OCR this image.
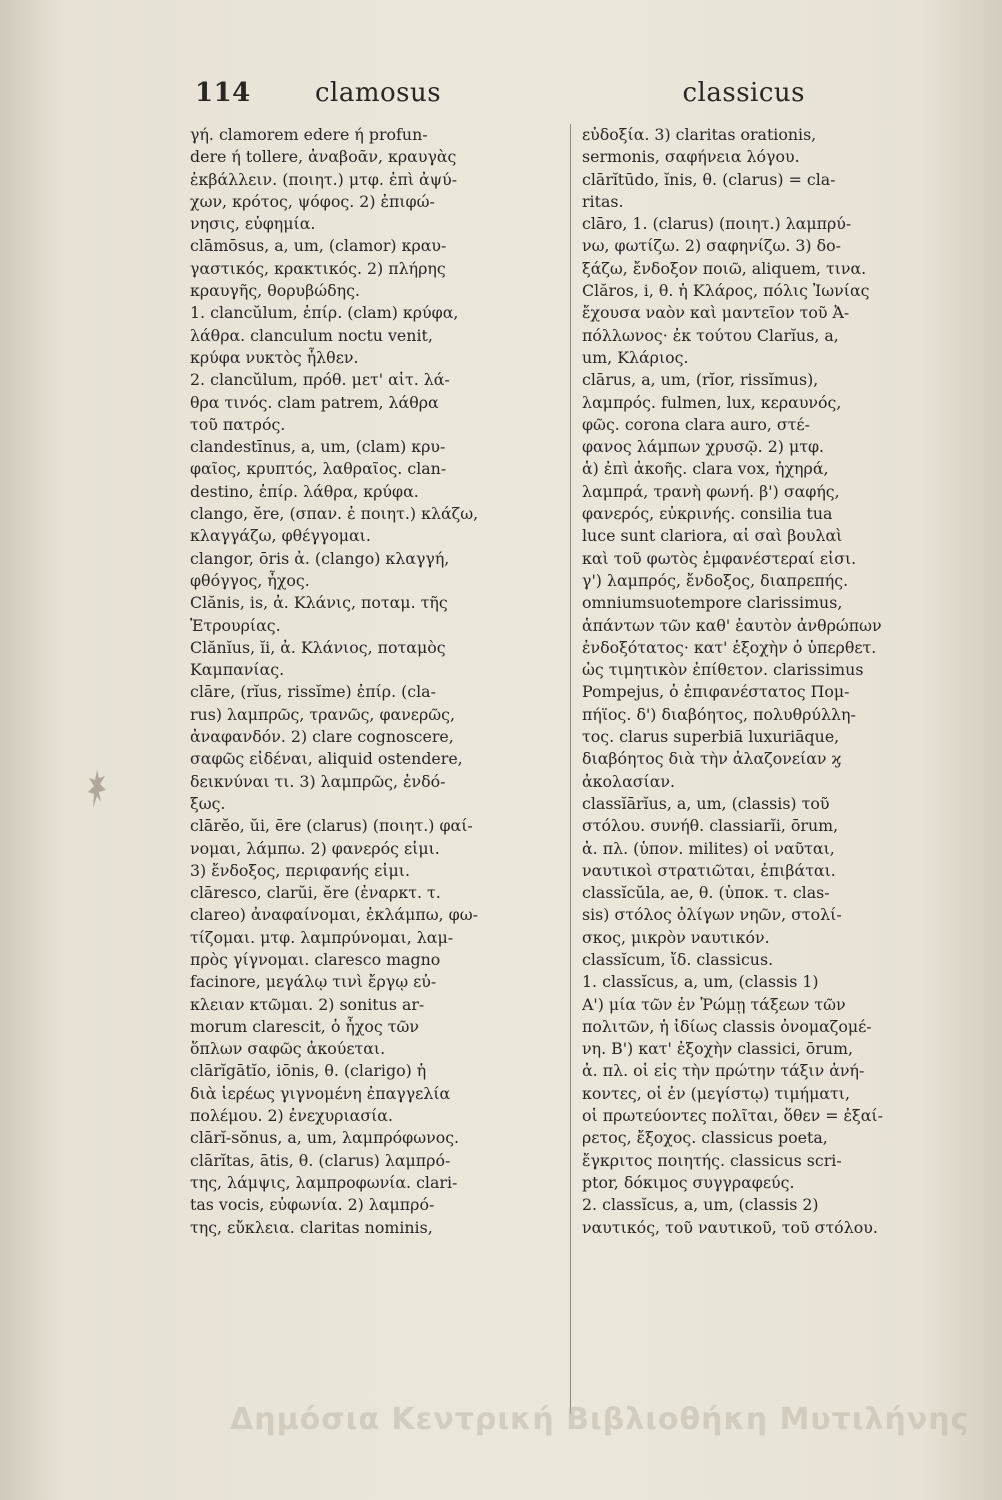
114 clamosus	classicus

γή. clamorem edere ή profun-
dere ή tollere, ἀναβοᾶν, κραυγὰς
ἐκβάλλειν. (ποιητ.) μτφ. ἐπὶ ἀψύ-
χων, κρότος, ψόφος. 2) ἐπιφώ-
νησις, εὐφημία.

clāmōsus, a, um, (clamor) κραυ-
γαστικός, κρακτικός. 2) πλήρης
κραυγῆς, θορυβώδης.

1. clancŭlum, ἐπίρ. (clam) κρύφα,
λάθρα. clanculum noctu venit,
κρύφα νυκτὸς ἦλθεν.

2. clancŭlum, πρόθ. μετ' αἰτ. λά-
θρα τινός. clam patrem, λάθρα
τοῦ πατρός.

clandestīnus, a, um, (clam) κρυ-
φαῖος, κρυπτός, λαθραῖος. clan-
destino, ἐπίρ. λάθρα, κρύφα.

clango, ĕre, (σπαν. ἐ ποιητ.) κλάζω,
κλαγγάζω, φθέγγομαι.

clangor, ōris ἀ. (clango) κλαγγή,
φθόγγος, ἦχος.

Clănis, is, ἀ. Κλάνις, ποταμ. τῆς
Ἐτρουρίας.

Clănĭus, ĭi, ἀ. Κλάνιος, ποταμὸς
Καμπανίας.

clāre, (rĭus, rissĭme) ἐπίρ. (cla-
rus) λαμπρῶς, τρανῶς, φανερῶς,
ἀναφανδόν. 2) clare cognoscere,
σαφῶς εἰδέναι, aliquid ostendere,
δεικνύναι τι. 3) λαμπρῶς, ἐνδό-
ξως.

clārĕo, ŭi, ēre (clarus) (ποιητ.) φαί-
νομαι, λάμπω. 2) φανερός εἰμι.
3) ἔνδοξος, περιφανής εἰμι.

clāresco, clarŭi, ĕre (ἐναρκτ. τ.
clareo) ἀναφαίνομαι, ἐκλάμπω, φω-
τίζομαι. μτφ. λαμπρύνομαι, λαμ-
πρὸς γίγνομαι. claresco magno
facinore, μεγάλῳ τινὶ ἔργῳ εὐ-
κλειαν κτῶμαι. 2) sonitus ar-
morum clarescit, ὁ ἦχος τῶν
ὅπλων σαφῶς ἀκούεται.

clārĭgātĭo, iōnis, θ. (clarigo) ἡ
διὰ ἱερέως γιγνομένη ἐπαγγελία
πολέμου. 2) ἐνεχυριασία.

clārĭ-sŏnus, a, um, λαμπρόφωνος.

clārĭtas, ātis, θ. (clarus) λαμπρό-
της, λάμψις, λαμπροφωνία. clari-
tas vocis, εὐφωνία. 2) λαμπρό-
της, εὔκλεια. claritas nominis,

εὐδοξία. 3) claritas orationis,
sermonis, σαφήνεια λόγου.

clārĭtūdo, ĭnis, θ. (clarus) = cla-
ritas.

clāro, 1. (clarus) (ποιητ.) λαμπρύ-
νω, φωτίζω. 2) σαφηνίζω. 3) δο-
ξάζω, ἔνδοξον ποιῶ, aliquem, τινα.

Clăros, i, θ. ἡ Κλάρος, πόλις Ἰωνίας
ἔχουσα ναὸν καὶ μαντεῖον τοῦ Ἀ-
πόλλωνος· ἐκ τούτου Clarĭus, a,
um, Κλάριος.

clārus, a, um, (rĭor, rissĭmus),
λαμπρός. fulmen, lux, κεραυνός,
φῶς. corona clara auro, στέ-
φανος λάμπων χρυσῷ. 2) μτφ.
ἁ) ἐπὶ ἀκοῆς. clara vox, ἠχηρά,
λαμπρά, τρανὴ φωνή. β') σαφής,
φανερός, εὐκρινής. consilia tua
luce sunt clariora, αἱ σαὶ βουλαὶ
καὶ τοῦ φωτὸς ἐμφανέστεραί εἰσι.
γ') λαμπρός, ἔνδοξος, διαπρεπής.
omniumsuotempore clarissimus,
ἁπάντων τῶν καθ' ἑαυτὸν ἀνθρώπων
ἐνδοξότατος· κατ' ἐξοχὴν ὁ ὑπερθετ.
ὡς τιμητικὸν ἐπίθετον. clarissimus
Pompejus, ὁ ἐπιφανέστατος Πομ-
πήϊος. δ') διαβόητος, πολυθρύλλη-
τος. clarus superbiā luxuriāque,
διαβόητος διὰ τὴν ἀλαζονείαν ϗ
ἀκολασίαν.

classĭārĭus, a, um, (classis) τοῦ
στόλου. συνήθ. classiarĭi, ōrum,
ἀ. πλ. (ὑπον. milites) οἱ ναῦται,
ναυτικοὶ στρατιῶται, ἐπιβάται.

classĭcŭla, ae, θ. (ὑποκ. τ. clas-
sis) στόλος ὀλίγων νηῶν, στολί-
σκος, μικρὸν ναυτικόν.

classĭcum, ἴδ. classicus.

1. classĭcus, a, um, (classis 1)
Α') μία τῶν ἐν Ῥώμῃ τάξεων τῶν
πολιτῶν, ἡ ἰδίως classis ὀνομαζομέ-
νη. Β') κατ' ἐξοχὴν classici, ōrum,
ἀ. πλ. οἱ εἰς τὴν πρώτην τάξιν ἀνή-
κοντες, οἱ ἐν (μεγίστῳ) τιμήματι,
οἱ πρωτεύοντες πολῖται, ὅθεν = ἐξαί-
ρετος, ἔξοχος. classicus poeta,
ἔγκριτος ποιητής. classicus scri-
ptor, δόκιμος συγγραφεύς.

2. classĭcus, a, um, (classis 2)
ναυτικός, τοῦ ναυτικοῦ, τοῦ στόλου.

Δημόσια Κεντρική Βιβλιοθήκη Μυτιλήνης
